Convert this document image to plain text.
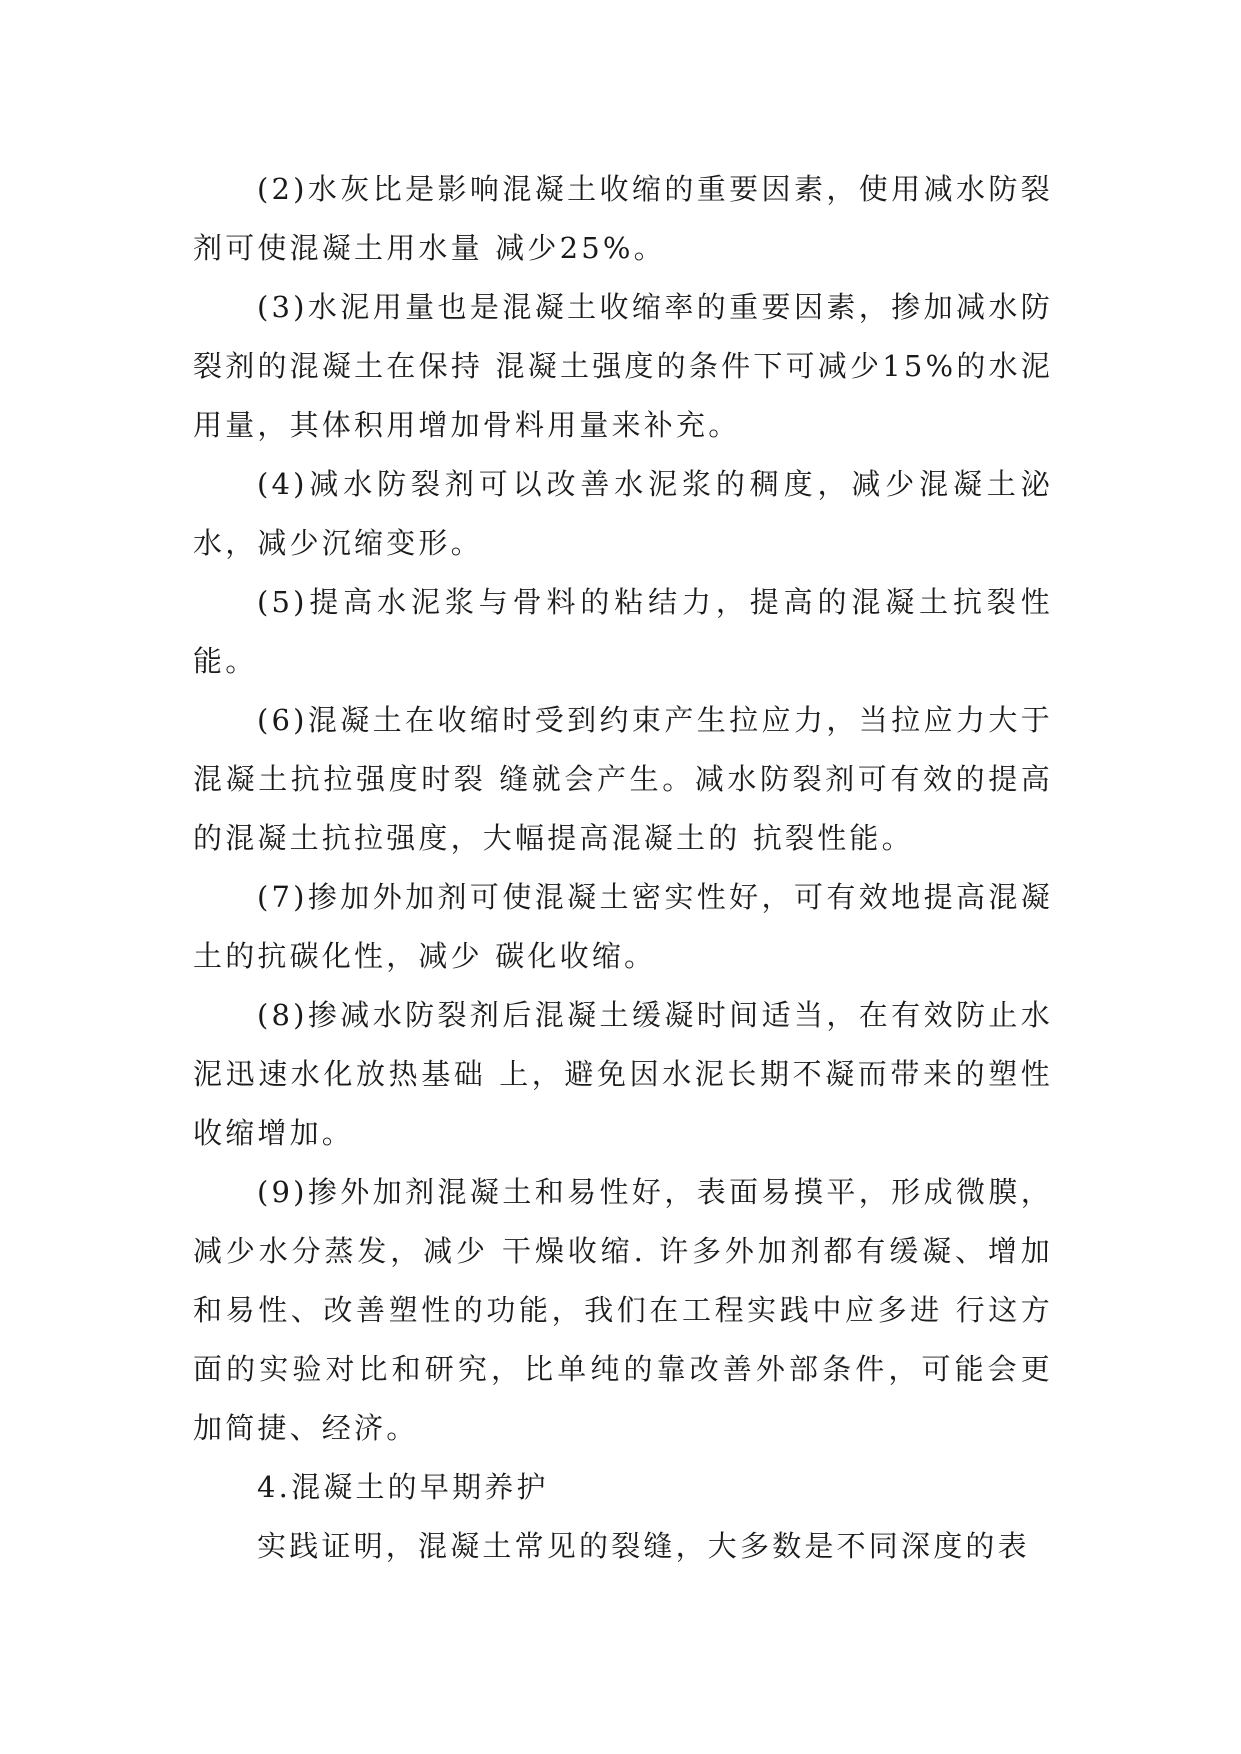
(2)水灰比是影响混凝土收缩的重要因素，使用减水防裂剂可使混凝土用水量 减少25%。

(3)水泥用量也是混凝土收缩率的重要因素，掺加减水防裂剂的混凝土在保持 混凝土强度的条件下可减少15%的水泥用量，其体积用增加骨料用量来补充。

(4)减水防裂剂可以改善水泥浆的稠度，减少混凝土泌水，减少沉缩变形。

(5)提高水泥浆与骨料的粘结力，提高的混凝土抗裂性能。

(6)混凝土在收缩时受到约束产生拉应力，当拉应力大于混凝土抗拉强度时裂 缝就会产生。减水防裂剂可有效的提高的混凝土抗拉强度，大幅提高混凝土的 抗裂性能。

(7)掺加外加剂可使混凝土密实性好，可有效地提高混凝土的抗碳化性，减少 碳化收缩。

(8)掺减水防裂剂后混凝土缓凝时间适当，在有效防止水泥迅速水化放热基础 上，避免因水泥长期不凝而带来的塑性收缩增加。

(9)掺外加剂混凝土和易性好，表面易摸平，形成微膜，减少水分蒸发，减少 干燥收缩. 许多外加剂都有缓凝、增加和易性、改善塑性的功能，我们在工程实践中应多进 行这方面的实验对比和研究，比单纯的靠改善外部条件，可能会更加简捷、经济。

4.混凝土的早期养护

实践证明，混凝土常见的裂缝，大多数是不同深度的表
